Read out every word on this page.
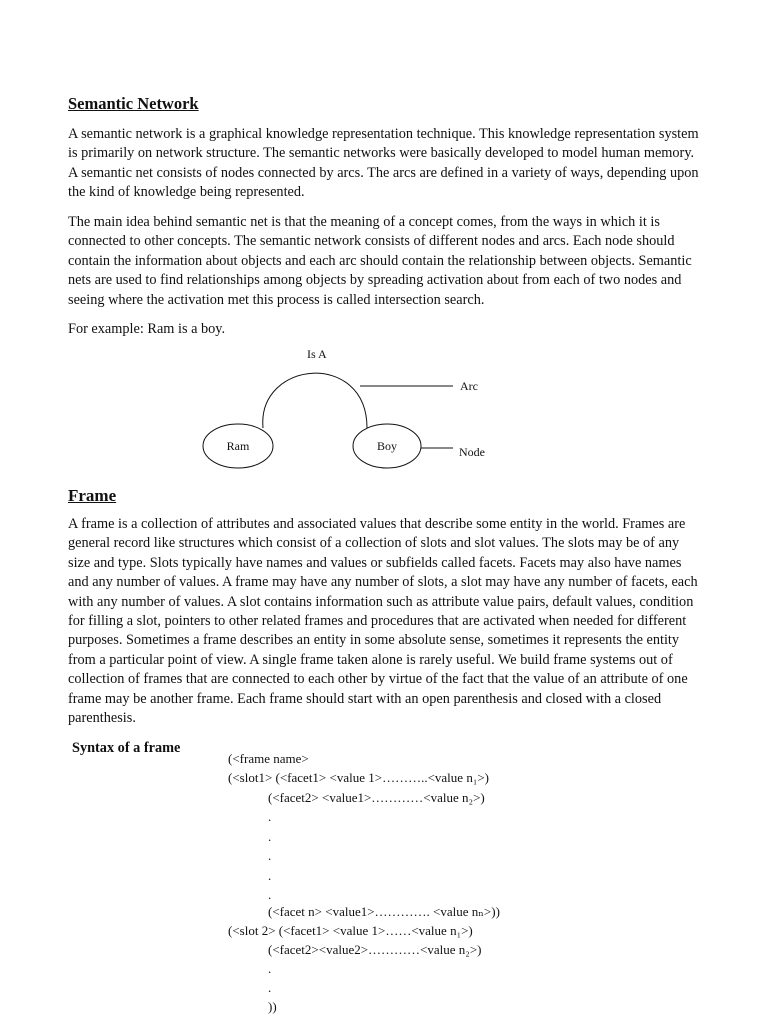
Semantic Network

A semantic network is a graphical knowledge representation technique. This knowledge representation system is primarily on network structure. The semantic networks were basically developed to model human memory. A semantic net consists of nodes connected by arcs. The arcs are defined in a variety of ways, depending upon the kind of knowledge being represented.

The main idea behind semantic net is that the meaning of a concept comes, from the ways in which it is connected to other concepts. The semantic network consists of different nodes and arcs. Each node should contain the information about objects and each arc should contain the relationship between objects. Semantic nets are used to find relationships among objects by spreading activation about from each of two nodes and seeing where the activation met this process is called intersection search.

For example: Ram is a boy.

Is A
Arc
Ram	Boy	Node
Frame

A frame is a collection of attributes and associated values that describe some entity in the world. Frames are general record like structures which consist of a collection of slots and slot values. The slots may be of any size and type. Slots typically have names and values or subfields called facets. Facets may also have names and any number of values. A frame may have any number of slots, a slot may have any number of facets, each with any number of values. A slot contains information such as attribute value pairs, default values, condition for filling a slot, pointers to other related frames and procedures that are activated when needed for different purposes. Sometimes a frame describes an entity in some absolute sense, sometimes it represents the entity from a particular point of view. A single frame taken alone is rarely useful. We build frame systems out of collection of frames that are connected to each other by virtue of the fact that the value of an attribute of one frame may be another frame. Each frame should start with an open parenthesis and closed with a closed parenthesis.

Syntax of a frame
(<frame name>
(<slot1> (<facet1> <value 1>………..<value n₁>)
(<facet2> <value1>…………<value n₂>)
.
.
.
.
.
(<facet n> <value1>…………. <value nₙ>))
(<slot 2> (<facet1> <value 1>……<value n₁>)
(<facet2><value2>…………<value n₂>)
.
.
))
